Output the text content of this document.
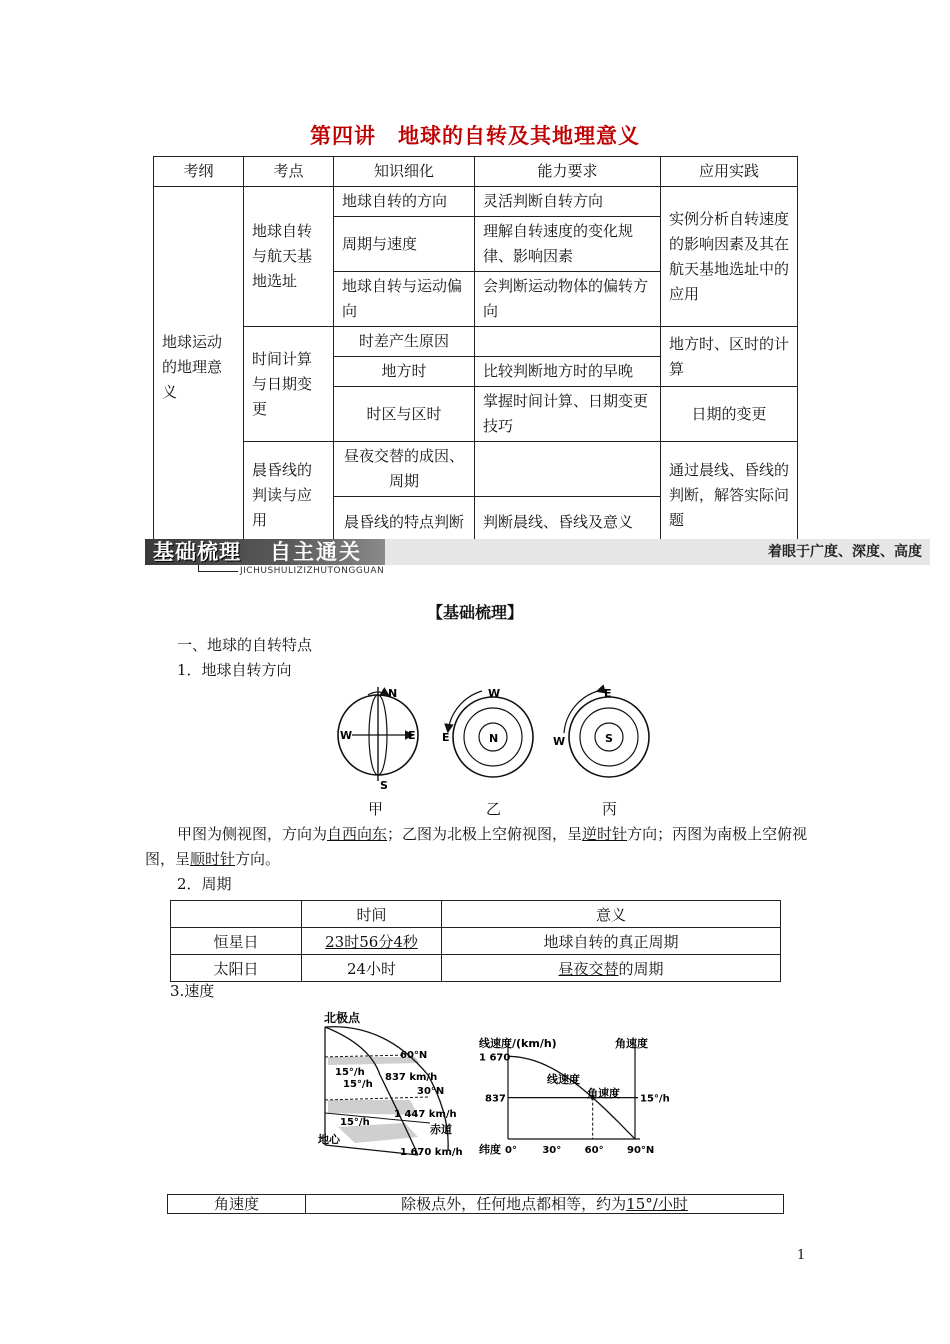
第四讲　地球的自转及其地理意义
考纲	考点	知识细化	能力要求	应用实践
地球运动的地理意义	地球自转与航天基地选址	地球自转的方向	灵活判断自转方向	实例分析自转速度的影响因素及其在航天基地选址中的应用
		周期与速度	理解自转速度的变化规律、影响因素	
		地球自转与运动偏向	会判断运动物体的偏转方向	
	时间计算与日期变更	时差产生原因		地方时、区时的计算
		地方时	比较判断地方时的早晚	
		时区与区时	掌握时间计算、日期变更技巧	日期的变更
	晨昏线的判读与应用	昼夜交替的成因、周期		通过晨线、昏线的判断，解答实际问题
		晨昏线的特点判断	判断晨线、昏线及意义	

基础梳理 自主通关	着眼于广度、深度、高度
JICHUSHULIZIZHUTONGGUAN
【基础梳理】
一、地球的自转特点
1．地球自转方向
N
S
W	E
W
E	N
E
W	S
甲	乙	丙
甲图为侧视图，方向为自西向东；乙图为北极上空俯视图，呈逆时针方向；丙图为南极上空俯视图，呈顺时针方向。
2．周期
	时间	意义
恒星日	23时56分4秒	地球自转的真正周期
太阳日	24小时	昼夜交替的周期
3.速度
北极点
60°N
15°/h 837 km/h
15°/h
30°N
1 447 km/h
15°/h
赤道
地心
1 670 km/h
线速度/(km/h)	角速度
线速度
角速度
1 670
837	15°/h
0°	30° 60° 90°N
纬度
角速度	除极点外，任何地点都相等，约为15°/小时
1
